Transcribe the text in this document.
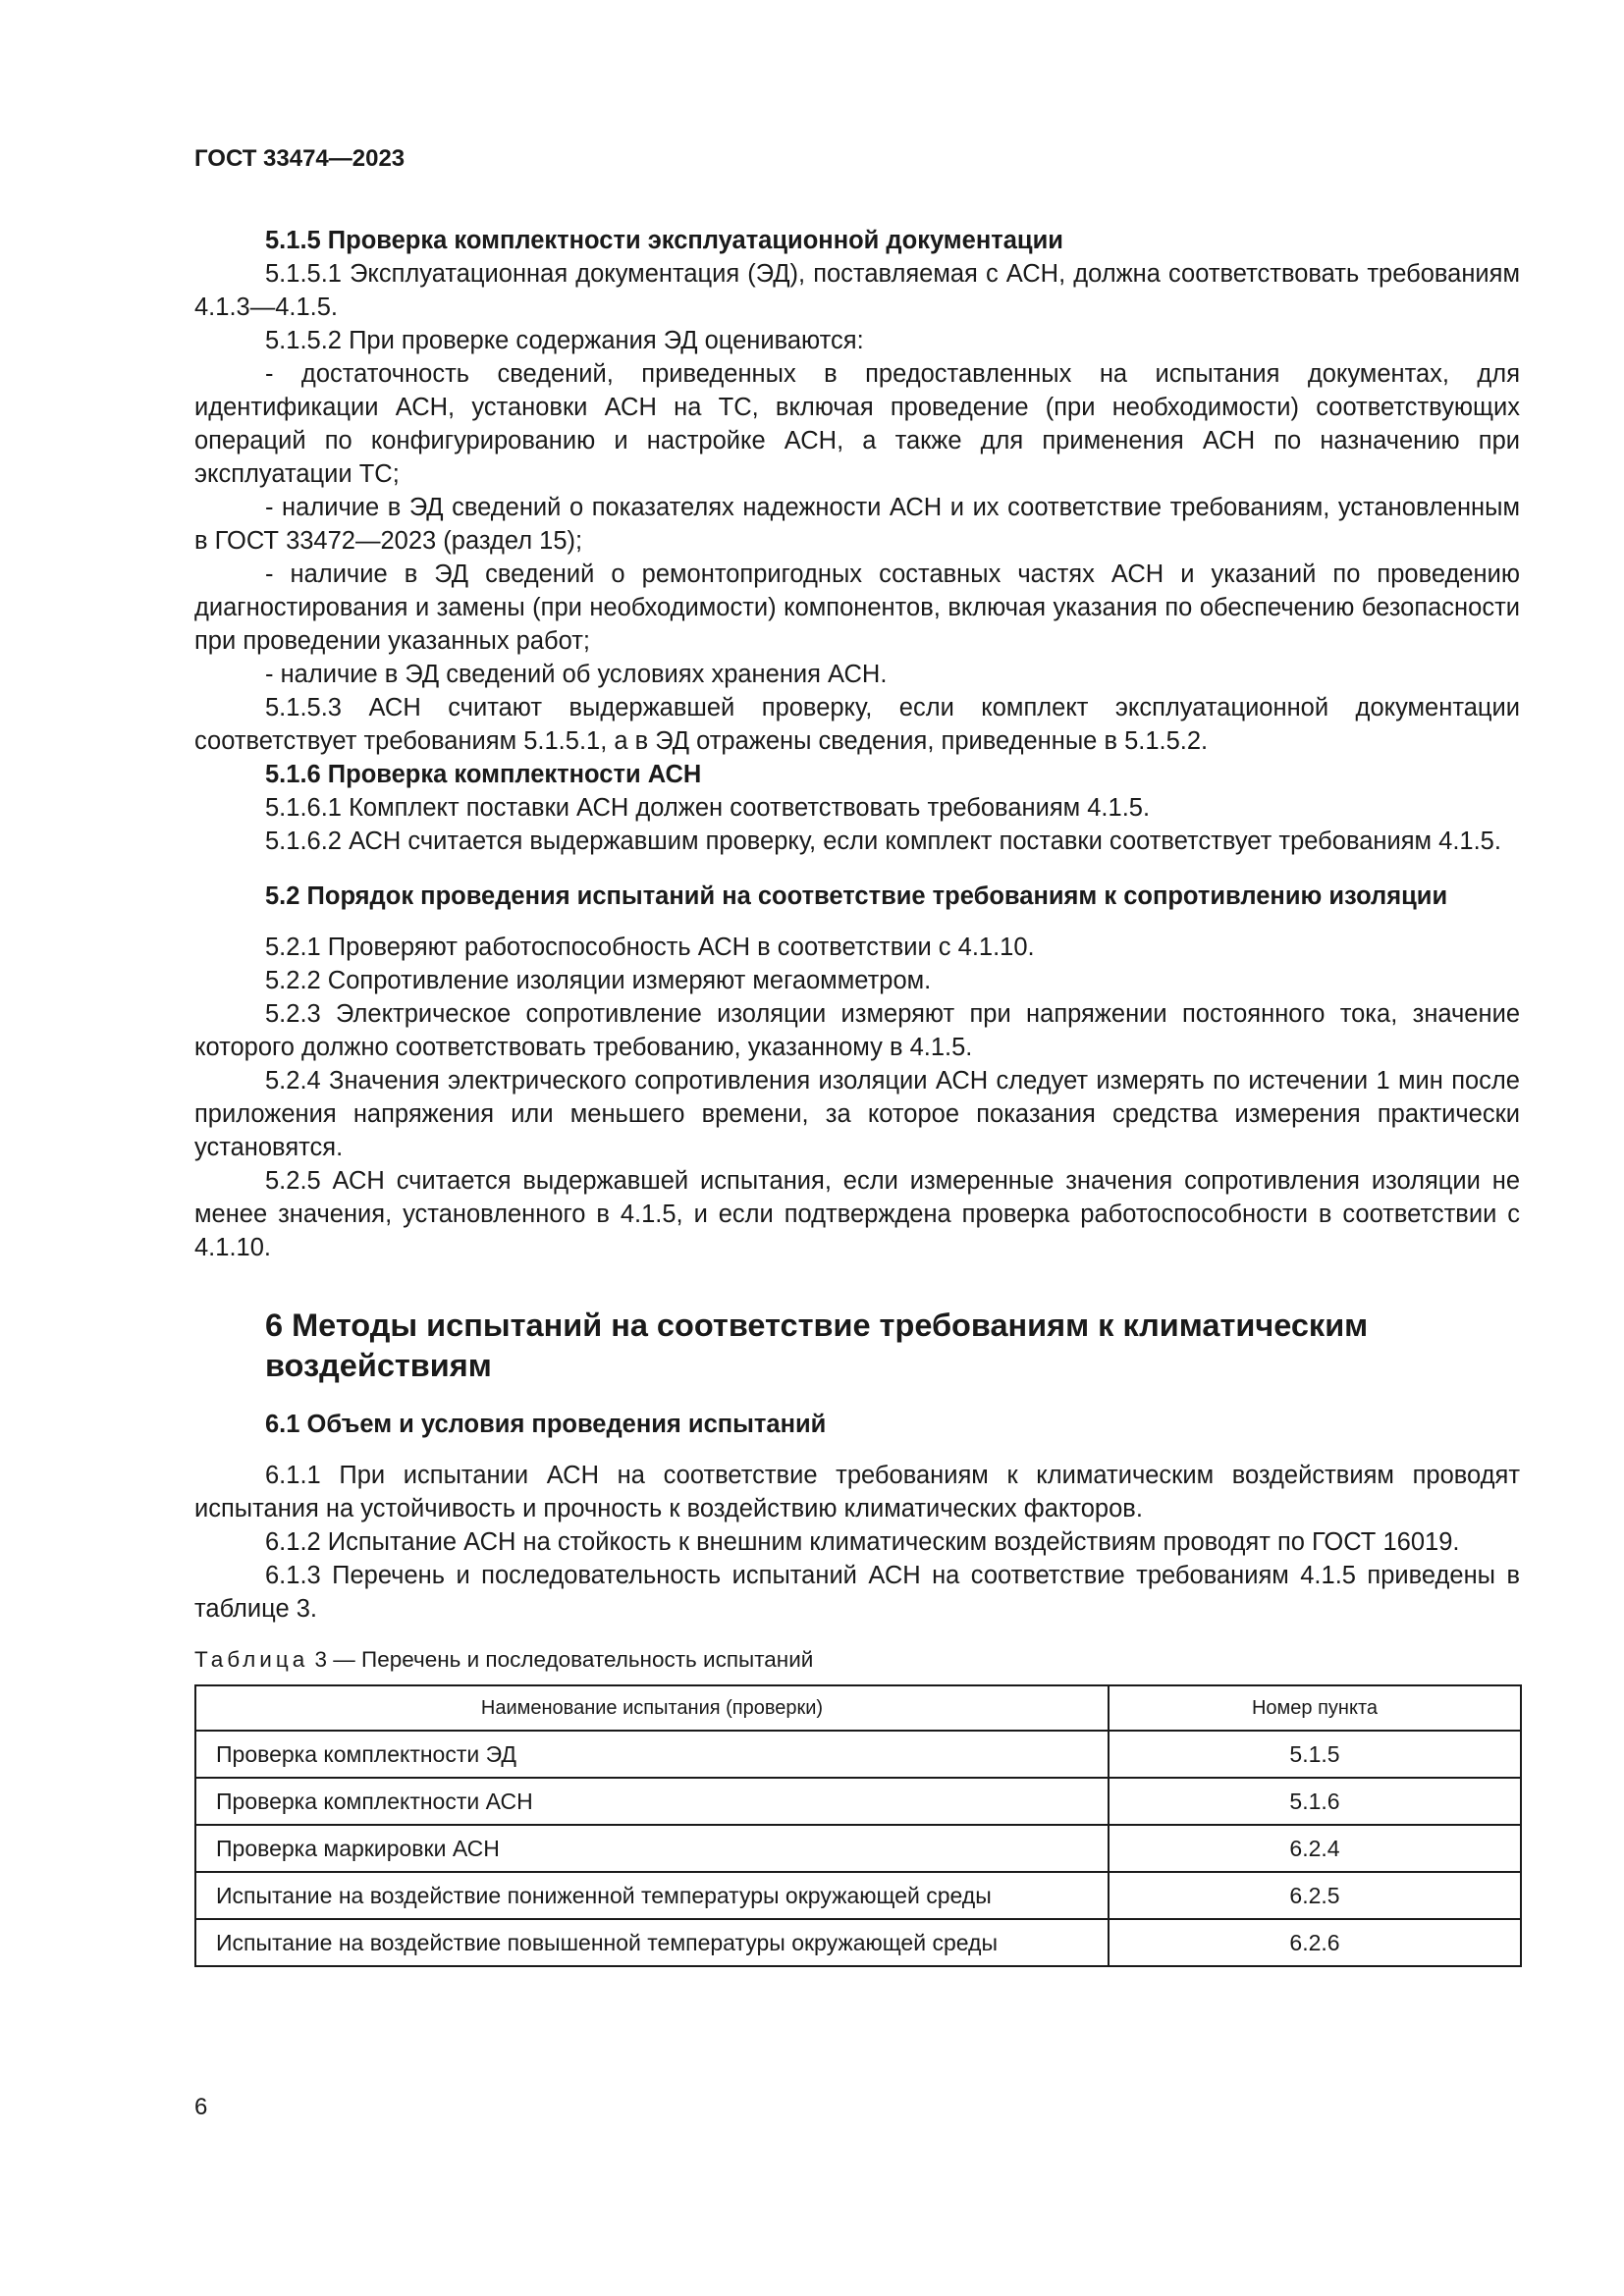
ГОСТ 33474—2023
5.1.5 Проверка комплектности эксплуатационной документации

5.1.5.1 Эксплуатационная документация (ЭД), поставляемая с АСН, должна соответствовать требованиям 4.1.3—4.1.5.

5.1.5.2 При проверке содержания ЭД оцениваются:

- достаточность сведений, приведенных в предоставленных на испытания документах, для идентификации АСН, установки АСН на ТС, включая проведение (при необходимости) соответствующих операций по конфигурированию и настройке АСН, а также для применения АСН по назначению при эксплуатации ТС;

- наличие в ЭД сведений о показателях надежности АСН и их соответствие требованиям, установленным в ГОСТ 33472—2023 (раздел 15);

- наличие в ЭД сведений о ремонтопригодных составных частях АСН и указаний по проведению диагностирования и замены (при необходимости) компонентов, включая указания по обеспечению безопасности при проведении указанных работ;

- наличие в ЭД сведений об условиях хранения АСН.

5.1.5.3 АСН считают выдержавшей проверку, если комплект эксплуатационной документации соответствует требованиям 5.1.5.1, а в ЭД отражены сведения, приведенные в 5.1.5.2.

5.1.6 Проверка комплектности АСН

5.1.6.1 Комплект поставки АСН должен соответствовать требованиям 4.1.5.

5.1.6.2 АСН считается выдержавшим проверку, если комплект поставки соответствует требованиям 4.1.5.

5.2 Порядок проведения испытаний на соответствие требованиям к сопротивлению изоляции

5.2.1 Проверяют работоспособность АСН в соответствии с 4.1.10.

5.2.2 Сопротивление изоляции измеряют мегаомметром.

5.2.3 Электрическое сопротивление изоляции измеряют при напряжении постоянного тока, значение которого должно соответствовать требованию, указанному в 4.1.5.

5.2.4 Значения электрического сопротивления изоляции АСН следует измерять по истечении 1 мин после приложения напряжения или меньшего времени, за которое показания средства измерения практически установятся.

5.2.5 АСН считается выдержавшей испытания, если измеренные значения сопротивления изоляции не менее значения, установленного в 4.1.5, и если подтверждена проверка работоспособности в соответствии с 4.1.10.

6 Методы испытаний на соответствие требованиям к климатическим воздействиям
6.1 Объем и условия проведения испытаний

6.1.1 При испытании АСН на соответствие требованиям к климатическим воздействиям проводят испытания на устойчивость и прочность к воздействию климатических факторов.

6.1.2 Испытание АСН на стойкость к внешним климатическим воздействиям проводят по ГОСТ 16019.

6.1.3 Перечень и последовательность испытаний АСН на соответствие требованиям 4.1.5 приведены в таблице 3.

Таблица 3 — Перечень и последовательность испытаний
Наименование испытания (проверки)	Номер пункта
Проверка комплектности ЭД	5.1.5
Проверка комплектности АСН	5.1.6
Проверка маркировки АСН	6.2.4
Испытание на воздействие пониженной температуры окружающей среды	6.2.5
Испытание на воздействие повышенной температуры окружающей среды	6.2.6
6
